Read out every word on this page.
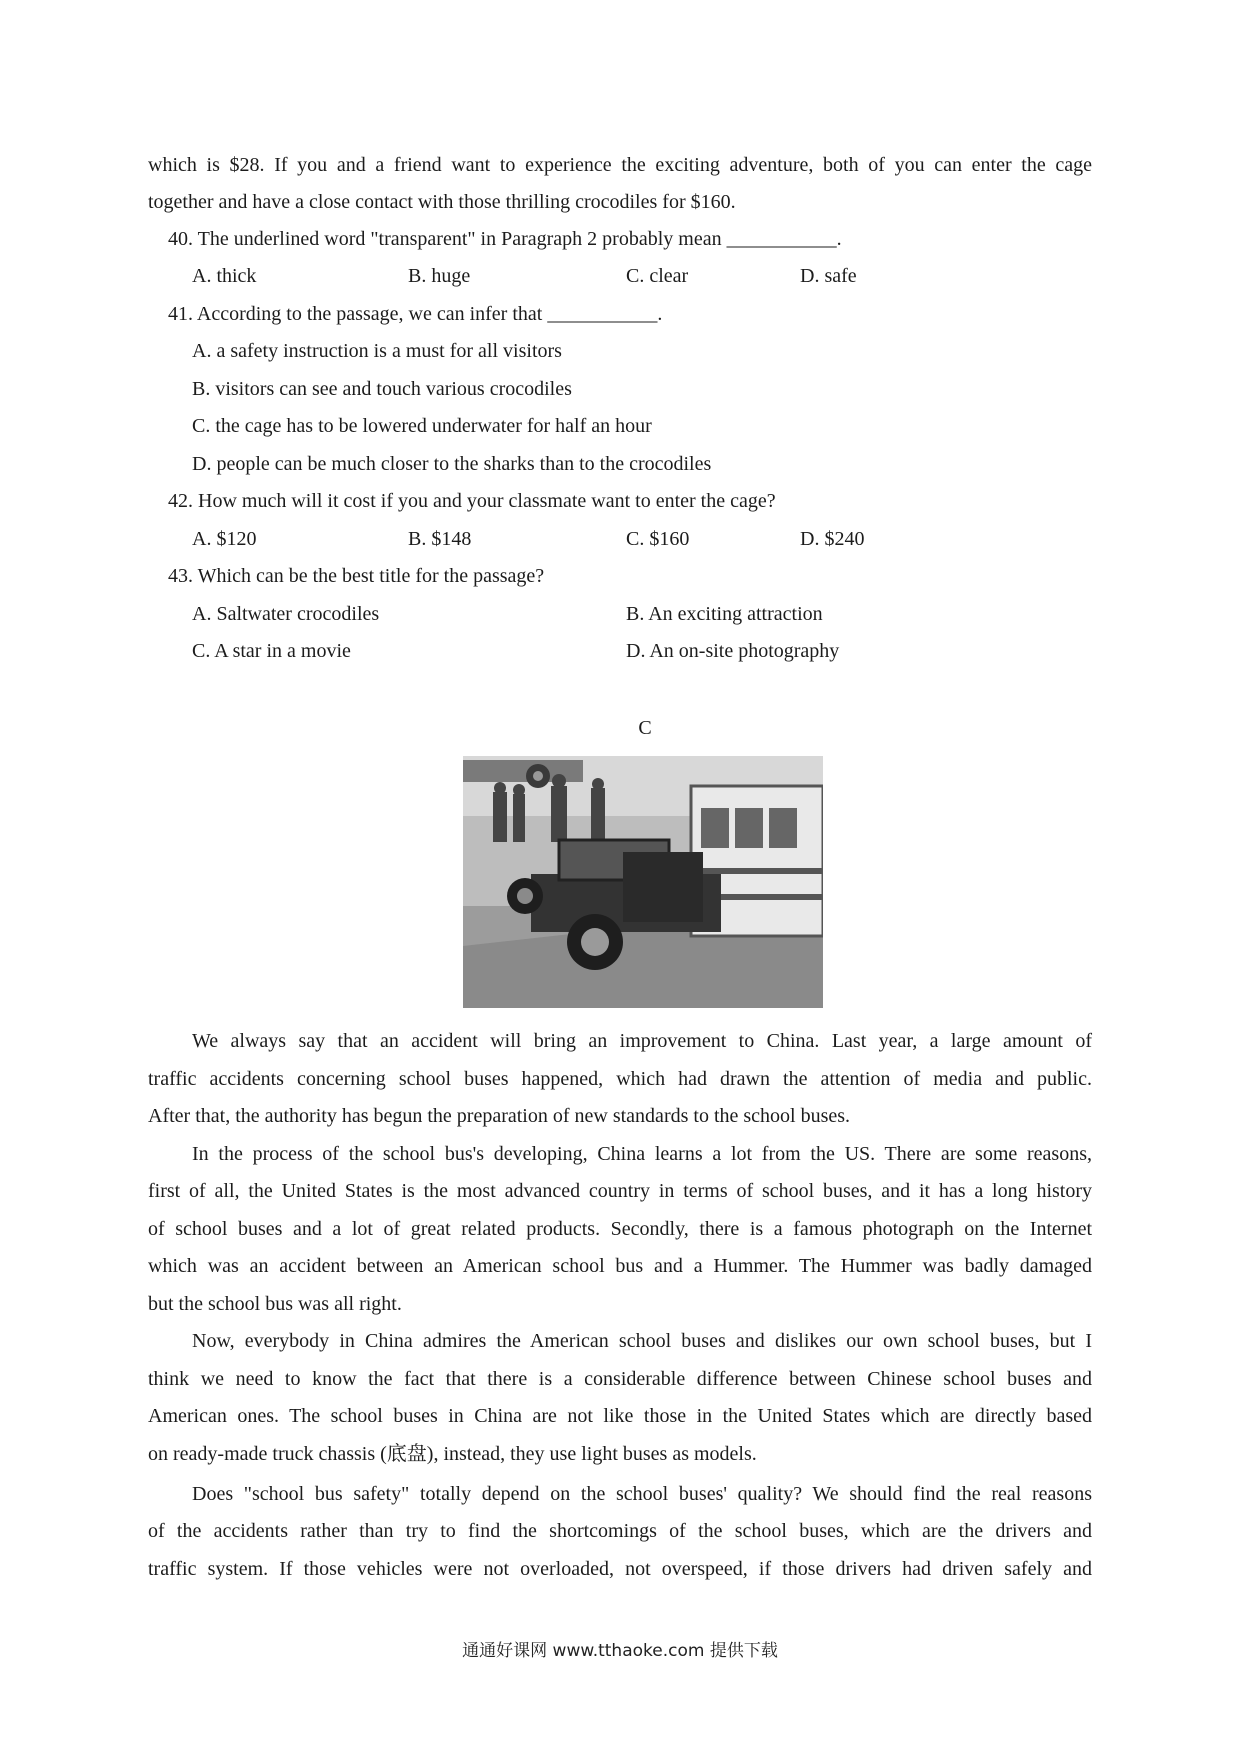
which is $28. If you and a friend want to experience the exciting adventure, both of you can enter the cage
together and have a close contact with those thrilling crocodiles for $160.
40. The underlined word "transparent" in Paragraph 2 probably mean ___________.
A. thick	B. huge	C. clear	D. safe
41. According to the passage, we can infer that ___________.
A. a safety instruction is a must for all visitors
B. visitors can see and touch various crocodiles
C. the cage has to be lowered underwater for half an hour
D. people can be much closer to the sharks than to the crocodiles
42. How much will it cost if you and your classmate want to enter the cage?
A. $120	B. $148	C. $160	D. $240
43. Which can be the best title for the passage?
A. Saltwater crocodiles	B. An exciting attraction
C. A star in a movie	D. An on-site photography
C
We always say that an accident will bring an improvement to China. Last year, a large amount of
traffic accidents concerning school buses happened, which had drawn the attention of media and public.
After that, the authority has begun the preparation of new standards to the school buses.
In the process of the school bus's developing, China learns a lot from the US. There are some reasons,
first of all, the United States is the most advanced country in terms of school buses, and it has a long history
of school buses and a lot of great related products. Secondly, there is a famous photograph on the Internet
which was an accident between an American school bus and a Hummer. The Hummer was badly damaged
but the school bus was all right.
Now, everybody in China admires the American school buses and dislikes our own school buses, but I
think we need to know the fact that there is a considerable difference between Chinese school buses and
American ones. The school buses in China are not like those in the United States which are directly based
on ready-made truck chassis (底盘), instead, they use light buses as models.
Does "school bus safety" totally depend on the school buses' quality? We should find the real reasons
of the accidents rather than try to find the shortcomings of the school buses, which are the drivers and
traffic system. If those vehicles were not overloaded, not overspeed, if those drivers had driven safely and
通通好课网 www.tthaoke.com 提供下载
